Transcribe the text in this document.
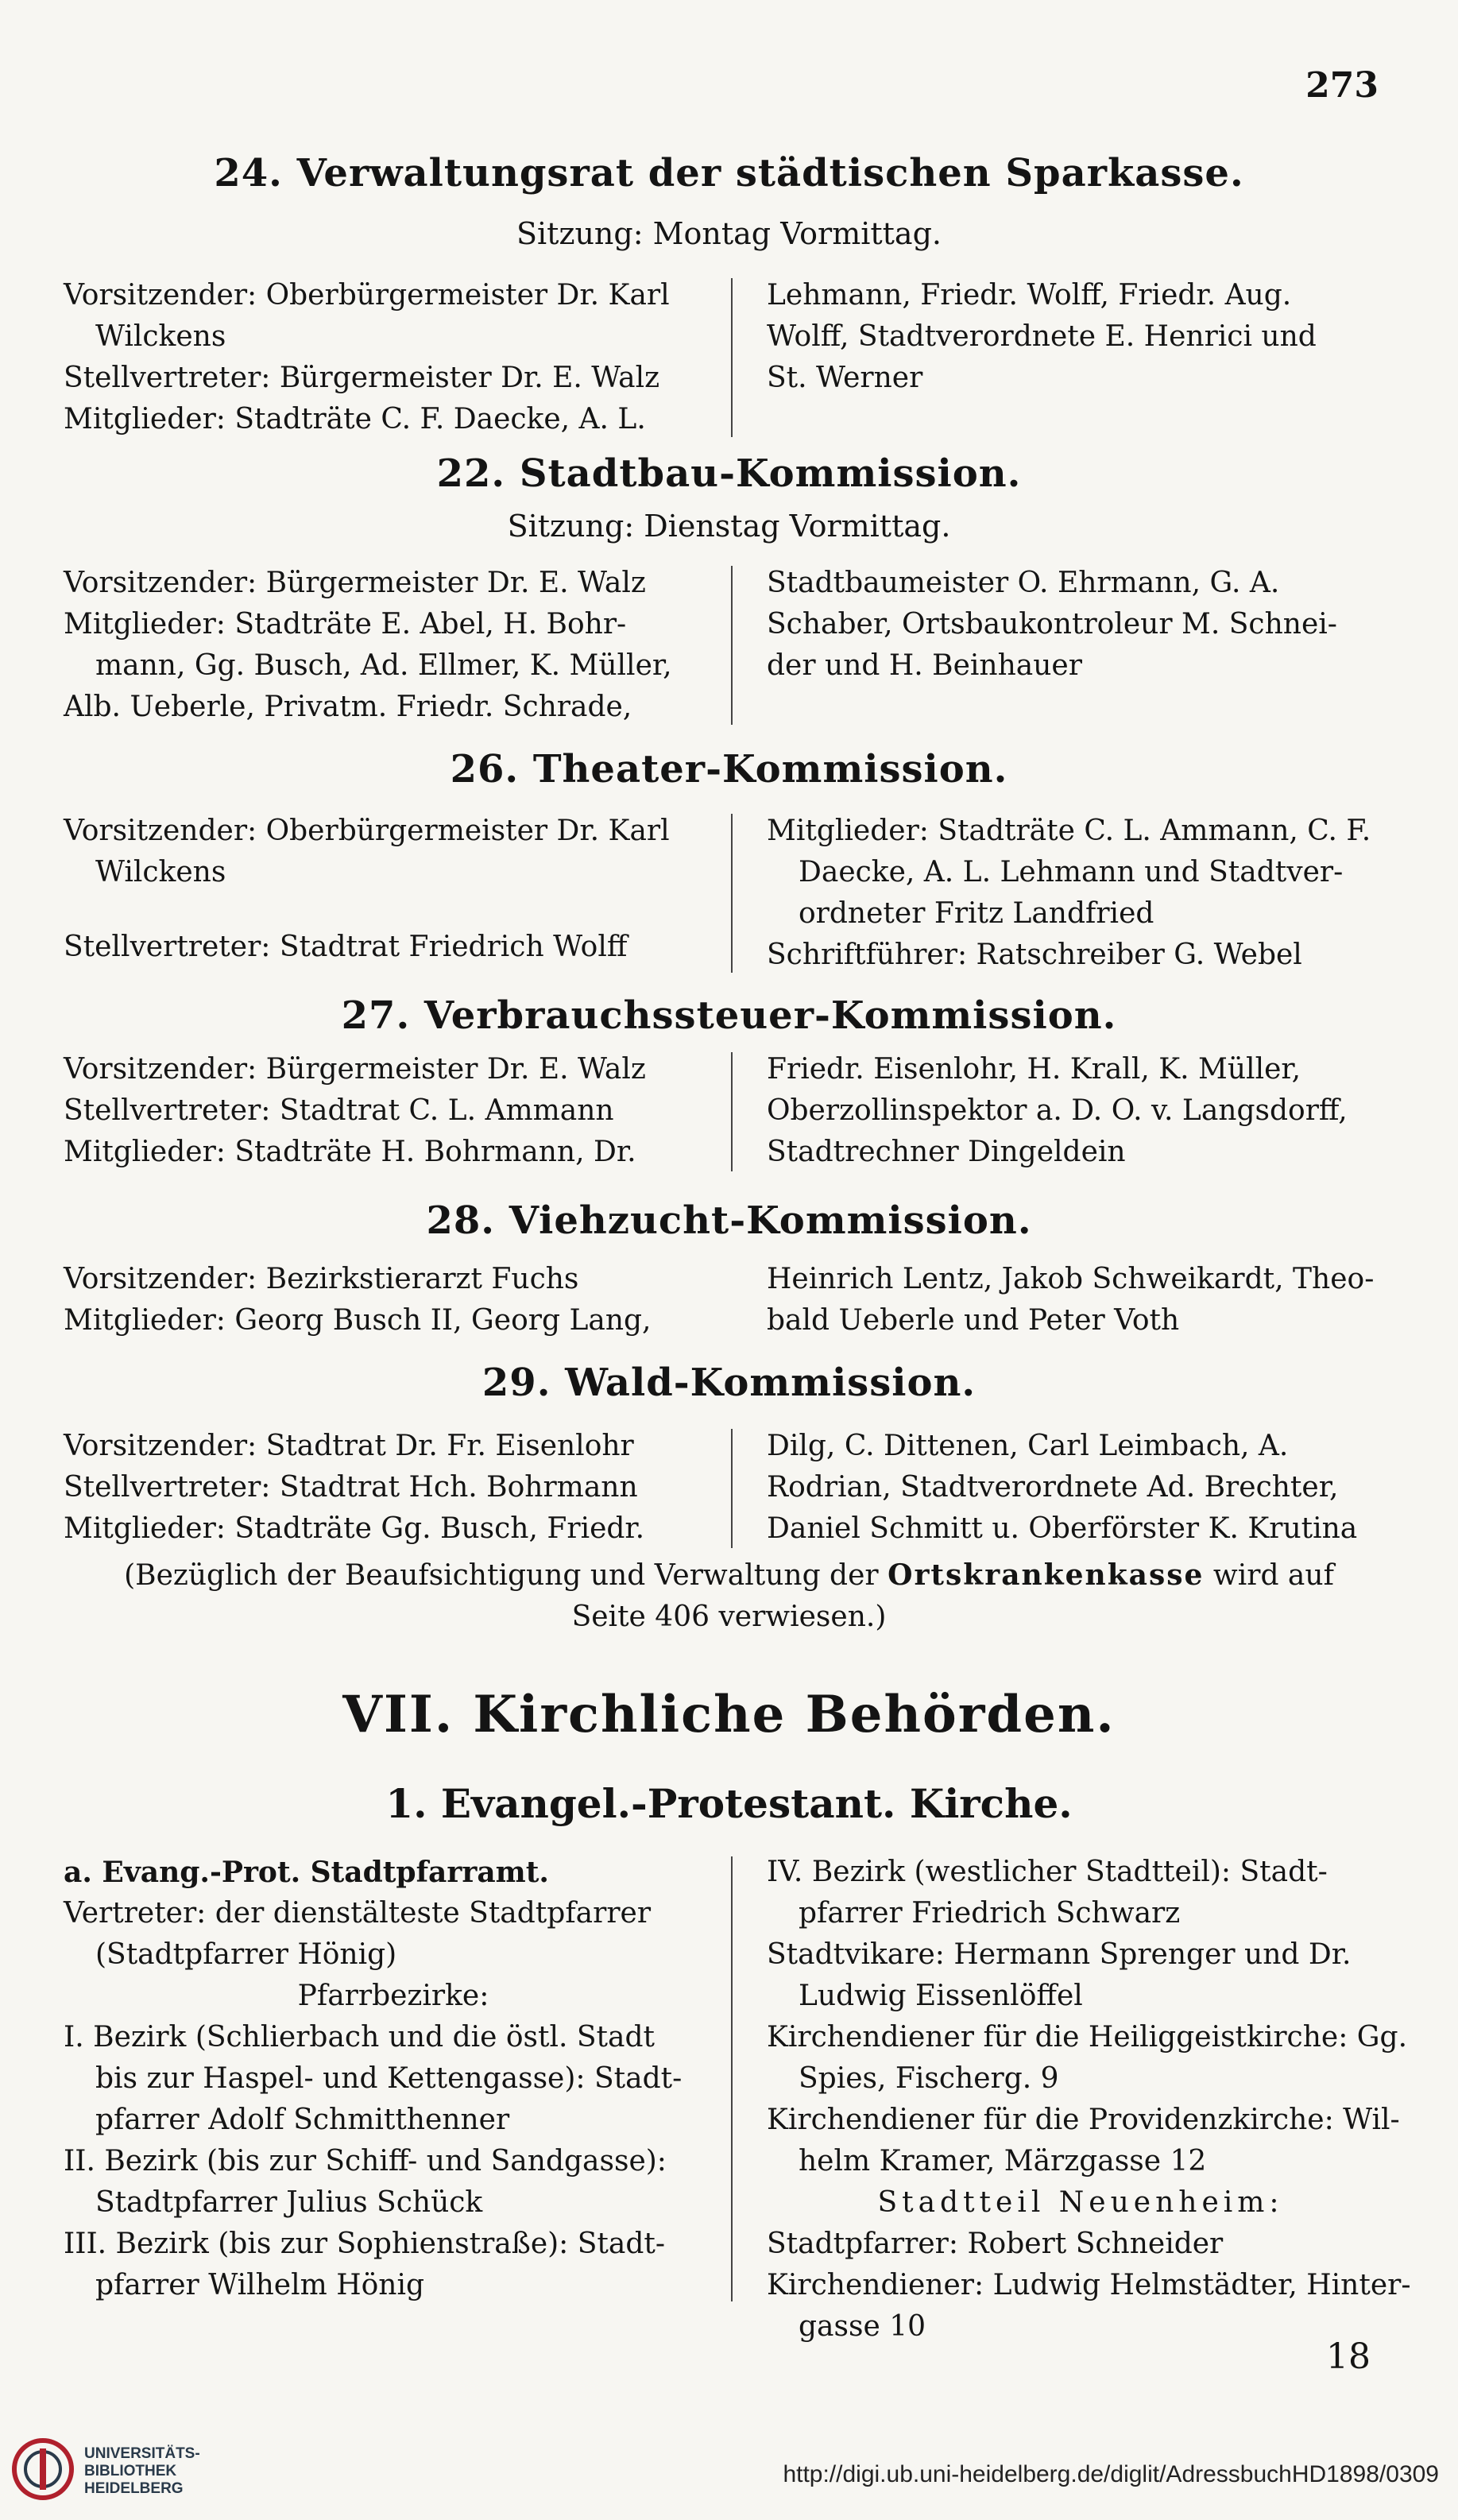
273
24. Verwaltungsrat der städtischen Sparkasse.
Sitzung: Montag Vormittag.

Vorsitzender: Oberbürgermeister Dr. Karl

Wilckens

Stellvertreter: Bürgermeister Dr. E. Walz

Mitglieder: Stadträte C. F. Daecke, A. L.

Lehmann, Friedr. Wolff, Friedr. Aug.

Wolff, Stadtverordnete E. Henrici und

St. Werner

22. Stadtbau-Kommission.
Sitzung: Dienstag Vormittag.

Vorsitzender: Bürgermeister Dr. E. Walz

Mitglieder: Stadträte E. Abel, H. Bohr-

mann, Gg. Busch, Ad. Ellmer, K. Müller,

Alb. Ueberle, Privatm. Friedr. Schrade,

Stadtbaumeister O. Ehrmann, G. A.

Schaber, Ortsbaukontroleur M. Schnei-

der und H. Beinhauer

26. Theater-Kommission.

Vorsitzender: Oberbürgermeister Dr. Karl

Wilckens

Stellvertreter: Stadtrat Friedrich Wolff

Mitglieder: Stadträte C. L. Ammann, C. F.

Daecke, A. L. Lehmann und Stadtver-

ordneter Fritz Landfried

Schriftführer: Ratschreiber G. Webel

27. Verbrauchssteuer-Kommission.

Vorsitzender: Bürgermeister Dr. E. Walz

Stellvertreter: Stadtrat C. L. Ammann

Mitglieder: Stadträte H. Bohrmann, Dr.

Friedr. Eisenlohr, H. Krall, K. Müller,

Oberzollinspektor a. D. O. v. Langsdorff,

Stadtrechner Dingeldein

28. Viehzucht-Kommission.

Vorsitzender: Bezirkstierarzt Fuchs

Mitglieder: Georg Busch II, Georg Lang,

Heinrich Lentz, Jakob Schweikardt, Theo-

bald Ueberle und Peter Voth

29. Wald-Kommission.

Vorsitzender: Stadtrat Dr. Fr. Eisenlohr

Stellvertreter: Stadtrat Hch. Bohrmann

Mitglieder: Stadträte Gg. Busch, Friedr.

Dilg, C. Dittenen, Carl Leimbach, A.

Rodrian, Stadtverordnete Ad. Brechter,

Daniel Schmitt u. Oberförster K. Krutina

(Bezüglich der Beaufsichtigung und Verwaltung der Ortskrankenkasse wird auf
Seite 406 verwiesen.)
VII. Kirchliche Behörden.
1. Evangel.-Protestant. Kirche.

a. Evang.-Prot. Stadtpfarramt.

Vertreter: der dienstälteste Stadtpfarrer

(Stadtpfarrer Hönig)

Pfarrbezirke:

I. Bezirk (Schlierbach und die östl. Stadt

bis zur Haspel- und Kettengasse): Stadt-

pfarrer Adolf Schmitthenner

II. Bezirk (bis zur Schiff- und Sandgasse):

Stadtpfarrer Julius Schück

III. Bezirk (bis zur Sophienstraße): Stadt-

pfarrer Wilhelm Hönig

IV. Bezirk (westlicher Stadtteil): Stadt-

pfarrer Friedrich Schwarz

Stadtvikare: Hermann Sprenger und Dr.

Ludwig Eissenlöffel

Kirchendiener für die Heiliggeistkirche: Gg.

Spies, Fischerg. 9

Kirchendiener für die Providenzkirche: Wil-

helm Kramer, Märzgasse 12

Stadtteil Neuenheim:

Stadtpfarrer: Robert Schneider

Kirchendiener: Ludwig Helmstädter, Hinter-

gasse 10

18
UNIVERSITÄTS-
BIBLIOTHEK
HEIDELBERG
http://digi.ub.uni-heidelberg.de/diglit/AdressbuchHD1898/0309
